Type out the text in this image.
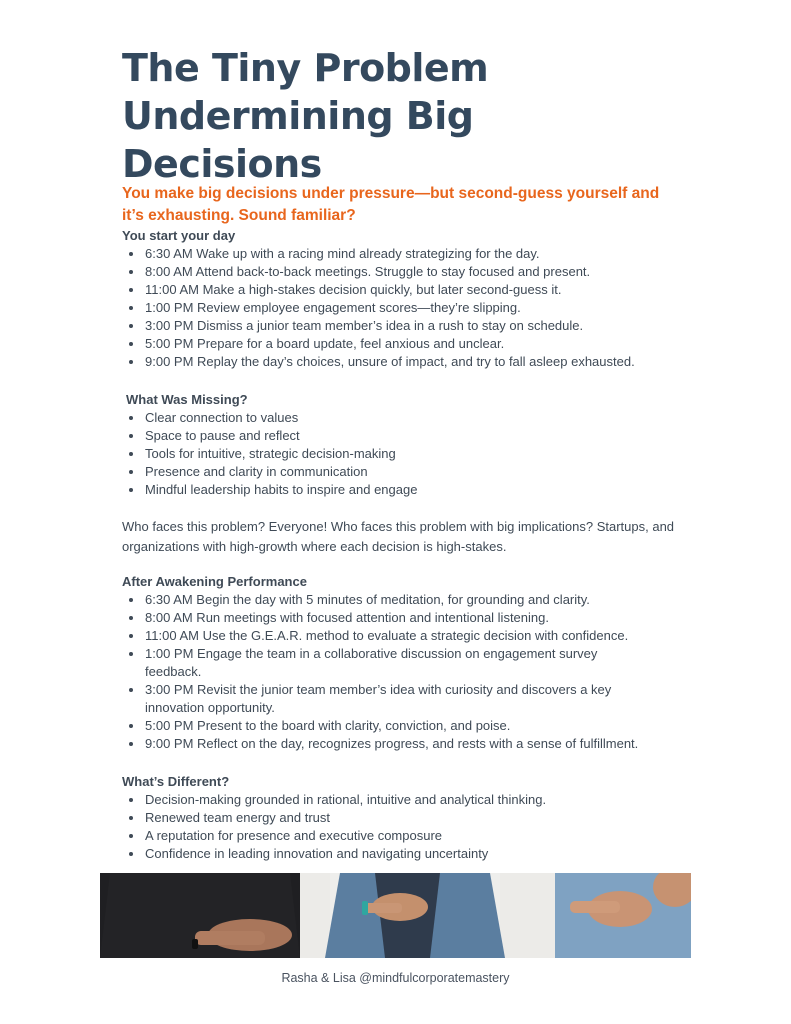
The Tiny Problem
Undermining Big
Decisions

You make big decisions under pressure—but second-guess yourself and it’s exhausting. Sound familiar?

You start your day

6:30 AM Wake up with a racing mind already strategizing for the day.
8:00 AM Attend back-to-back meetings. Struggle to stay focused and present.
11:00 AM Make a high-stakes decision quickly, but later second-guess it.
1:00 PM Review employee engagement scores—they’re slipping.
3:00 PM Dismiss a junior team member’s idea in a rush to stay on schedule.
5:00 PM Prepare for a board update, feel anxious and unclear.
9:00 PM Replay the day’s choices, unsure of impact, and try to fall asleep exhausted.

What Was Missing?

Clear connection to values
Space to pause and reflect
Tools for intuitive, strategic decision-making
Presence and clarity in communication
Mindful leadership habits to inspire and engage

Who faces this problem? Everyone! Who faces this problem with big implications? Startups, and organizations with high-growth where each decision is high-stakes.

After Awakening Performance

6:30 AM Begin the day with 5 minutes of meditation, for grounding and clarity.
8:00 AM Run meetings with focused attention and intentional listening.
11:00 AM Use the G.E.A.R. method to evaluate a strategic decision with confidence.
1:00 PM Engage the team in a collaborative discussion on engagement survey feedback.
3:00 PM Revisit the junior team member’s idea with curiosity and discovers a key innovation opportunity.
5:00 PM Present to the board with clarity, conviction, and poise.
9:00 PM Reflect on the day, recognizes progress, and rests with a sense of fulfillment.

What’s Different?

Decision-making grounded in rational, intuitive and analytical thinking.
Renewed team energy and trust
A reputation for presence and executive composure
Confidence in leading innovation and navigating uncertainty
Rasha & Lisa @mindfulcorporatemastery
